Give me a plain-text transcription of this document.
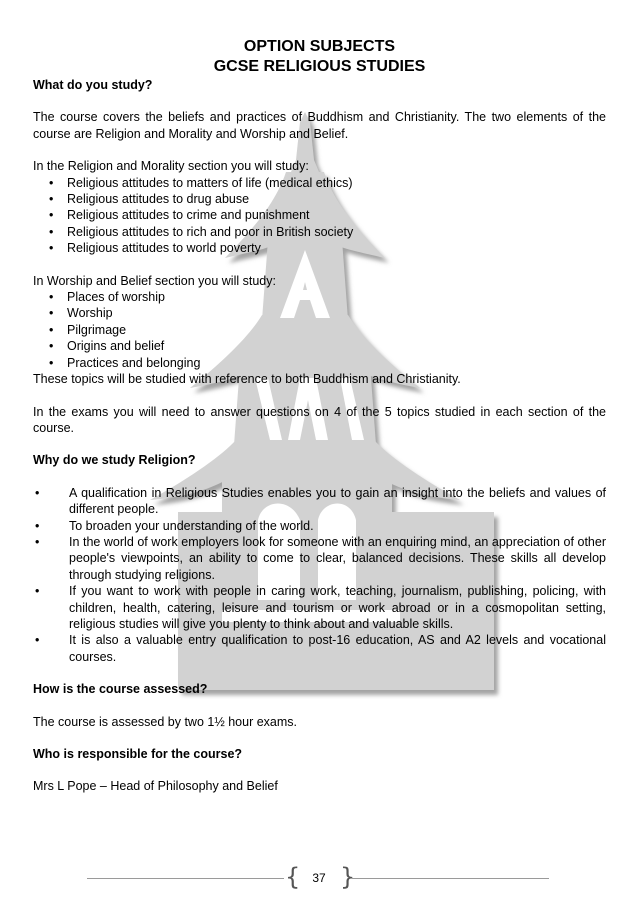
OPTION SUBJECTS
GCSE RELIGIOUS STUDIES

What do you study?

The course covers the beliefs and practices of Buddhism and Christianity. The two elements of the course are Religion and Morality and Worship and Belief.

In the Religion and Morality section you will study:

• Religious attitudes to matters of life (medical ethics)
• Religious attitudes to drug abuse
• Religious attitudes to crime and punishment
• Religious attitudes to rich and poor in British society
• Religious attitudes to world poverty

In Worship and Belief section you will study:

• Places of worship
• Worship
• Pilgrimage
• Origins and belief
• Practices and belonging

These topics will be studied with reference to both Buddhism and Christianity.

In the exams you will need to answer questions on 4 of the 5 topics studied in each section of the course.

Why do we study Religion?

• A qualification in Religious Studies enables you to gain an insight into the beliefs and values of different people.
• To broaden your understanding of the world.
• In the world of work employers look for someone with an enquiring mind, an appreciation of other people's viewpoints, an ability to come to clear, balanced decisions. These skills all develop through studying religions.
• If you want to work with people in caring work, teaching, journalism, publishing, policing, with children, health, catering, leisure and tourism or work abroad or in a cosmopolitan setting, religious studies will give you plenty to think about and valuable skills.
• It is also a valuable entry qualification to post-16 education, AS and A2 levels and vocational courses.

How is the course assessed?

The course is assessed by two 1½ hour exams.

Who is responsible for the course?

Mrs L Pope – Head of Philosophy and Belief

{	37 }
